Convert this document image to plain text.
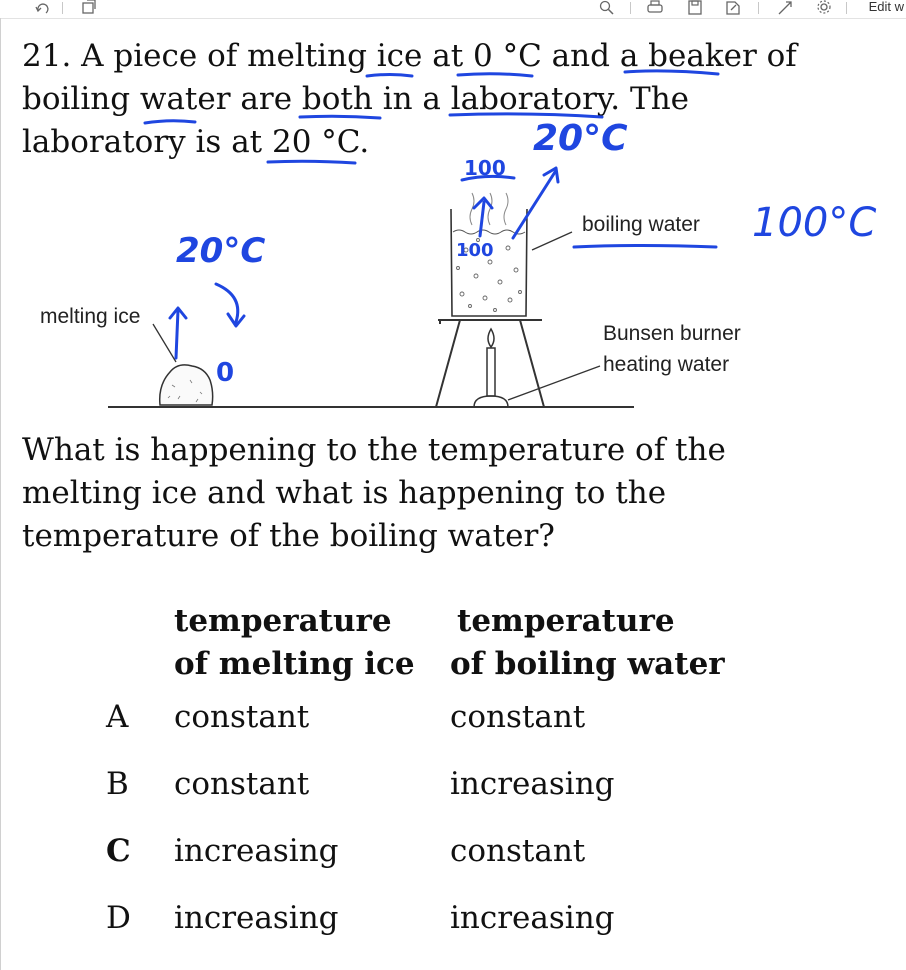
Edit w
21. A piece of melting ice at 0 °C and a beaker of
boiling water are both in a laboratory. The
laboratory is at 20 °C.
melting ice
boiling water
Bunsen burner
heating water
20°C
20°C
0
100°C
100
100
What is happening to the temperature of the
melting ice and what is happening to the
temperature of the boiling water?
temperature
of melting ice
temperature
of boiling water
A constant	constant
B constant	increasing
C increasing	constant
D increasing	increasing
